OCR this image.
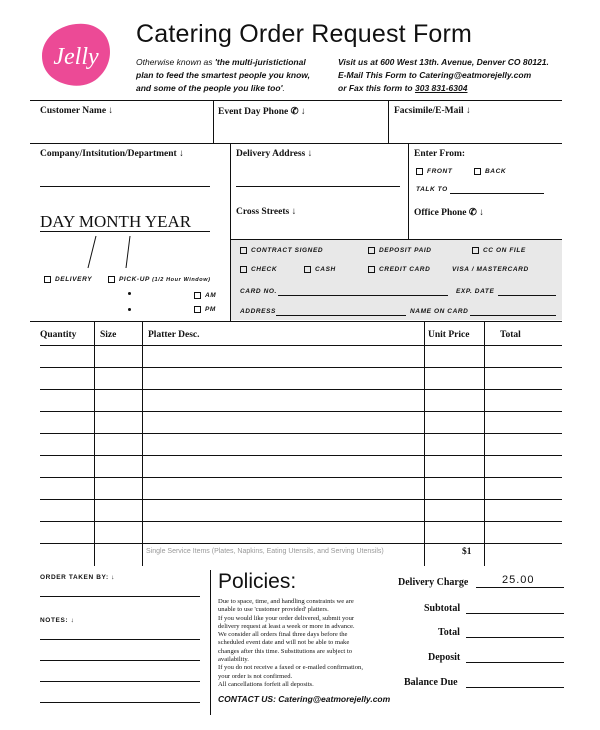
Jelly
Catering Order Request Form
Otherwise known as 'the multi-juristictional
plan to feed the smartest people you know,
and some of the people you like too'.
Visit us at 600 West 13th. Avenue, Denver CO 80121.
E-Mail This Form to Catering@eatmorejelly.com
or Fax this form to 303 831-6304
Customer Name ↓	Event Day Phone ✆ ↓	Facsimile/E-Mail ↓
Company/Intsitution/Department ↓	Delivery Address ↓
Cross Streets ↓
Enter From:
FRONT	BACK
TALK TO
Office Phone ✆ ↓
DAY MONTH YEAR
DELIVERY	PICK-UP (1/2 Hour Window)
AM
PM
CONTRACT SIGNED	DEPOSIT PAID	CC ON FILE
CHECK	CASH	CREDIT CARD	VISA / MASTERCARD
CARD NO.	EXP. DATE
ADDRESS	NAME ON CARD
Quantity Size	Platter Desc.	Unit Price	Total
Single Service Items (Plates, Napkins, Eating Utensils, and Serving Utensils)	$1
ORDER TAKEN BY: ↓
NOTES: ↓
Policies:
Due to space, time, and handling constraints we are
unable to use 'customer provided' platters.
If you would like your order delivered, submit your
delivery request at least a week or more in advance.
We consider all orders final three days before the
scheduled event date and will not be able to make
changes after this time. Substitutions are subject to
availability.
If you do not receive a faxed or e-mailed confirmation,
your order is not confirmed.
All cancellations forfeit all deposits.
CONTACT US: Catering@eatmorejelly.com
Delivery Charge	25.00
Subtotal
Total
Deposit
Balance Due
